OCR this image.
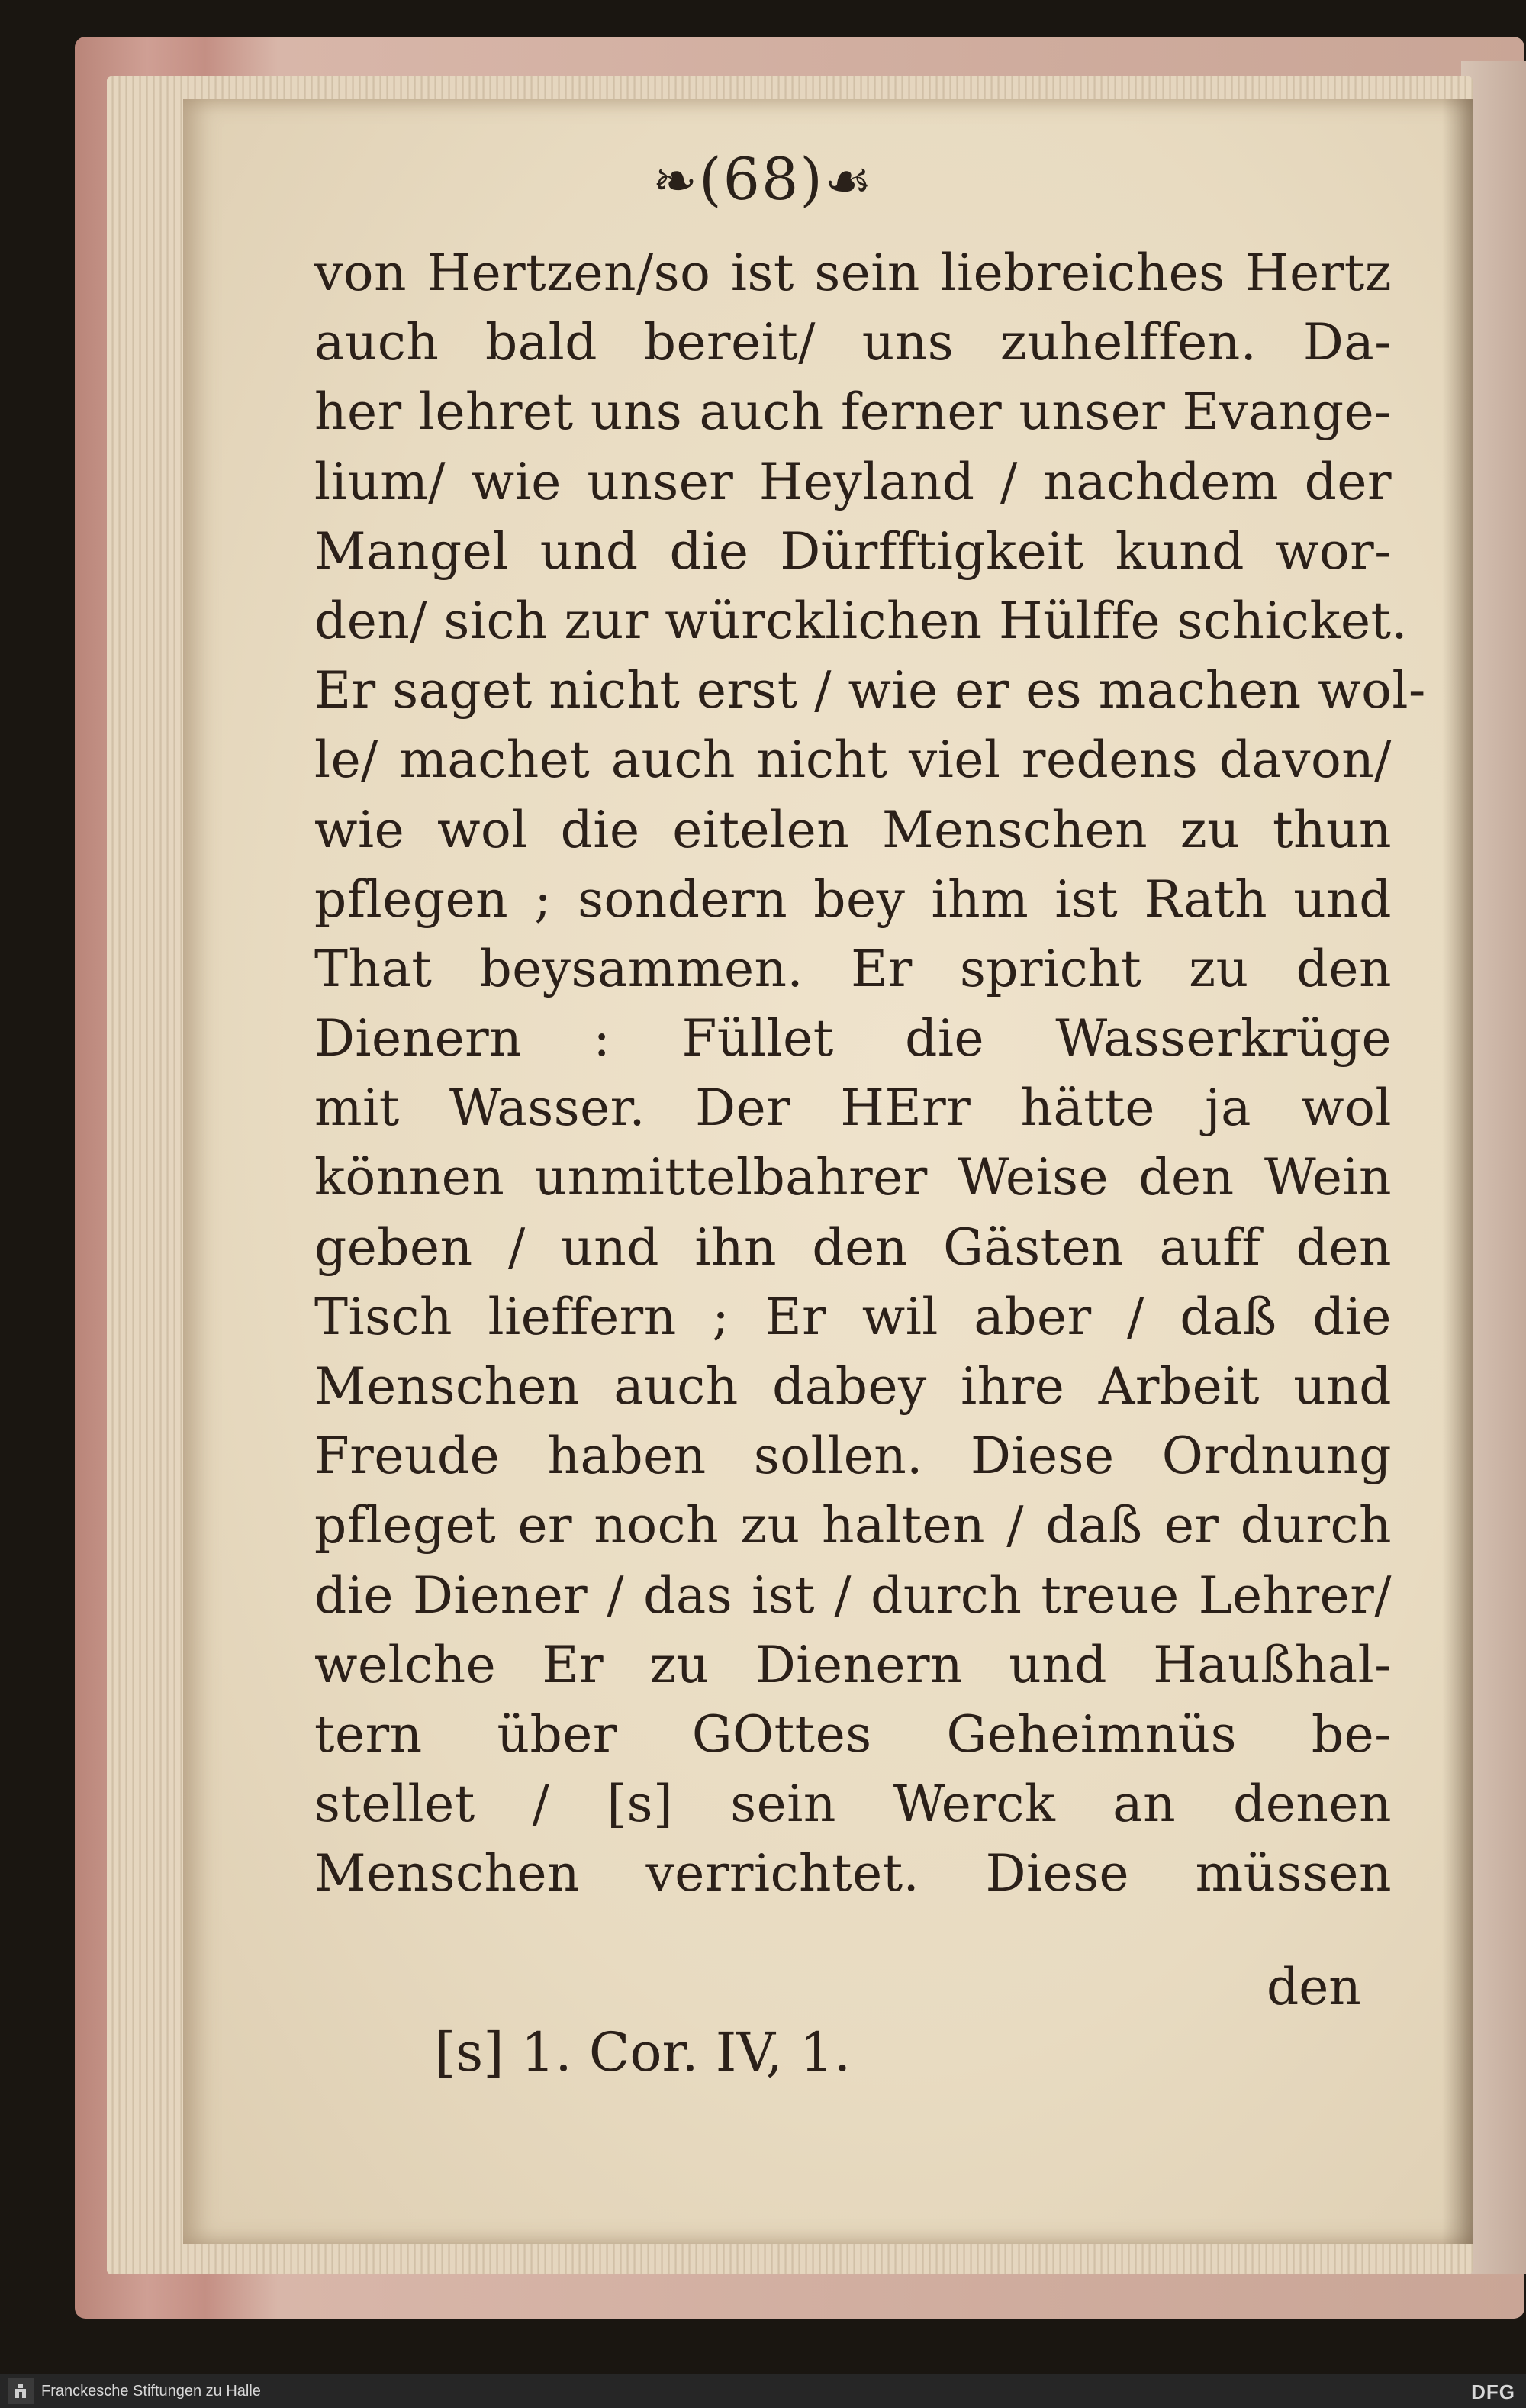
❧(68)☙
von Hertzen/so ist sein liebreiches Hertz
auch bald bereit/ uns zuhelffen. Da-
her lehret uns auch ferner unser Evange-
lium/ wie unser Heyland / nachdem der
Mangel und die Dürfftigkeit kund wor-
den/ sich zur würcklichen Hülffe schicket.
Er saget nicht erst / wie er es machen wol-
le/ machet auch nicht viel redens davon/
wie wol die eitelen Menschen zu thun
pflegen ; sondern bey ihm ist Rath und
That beysammen. Er spricht zu den
Dienern : Füllet die Wasserkrüge
mit Wasser. Der HErr hätte ja wol
können unmittelbahrer Weise den Wein
geben / und ihn den Gästen auff den
Tisch lieffern ; Er wil aber / daß die
Menschen auch dabey ihre Arbeit und
Freude haben sollen. Diese Ordnung
pfleget er noch zu halten / daß er durch
die Diener / das ist / durch treue Lehrer/
welche Er zu Dienern und Haußhal-
tern über GOttes Geheimnüs be-
stellet / [s] sein Werck an denen
Menschen verrichtet. Diese müssen
den
[s] 1. Cor. IV, 1.
Franckesche Stiftungen zu Halle	DFG
